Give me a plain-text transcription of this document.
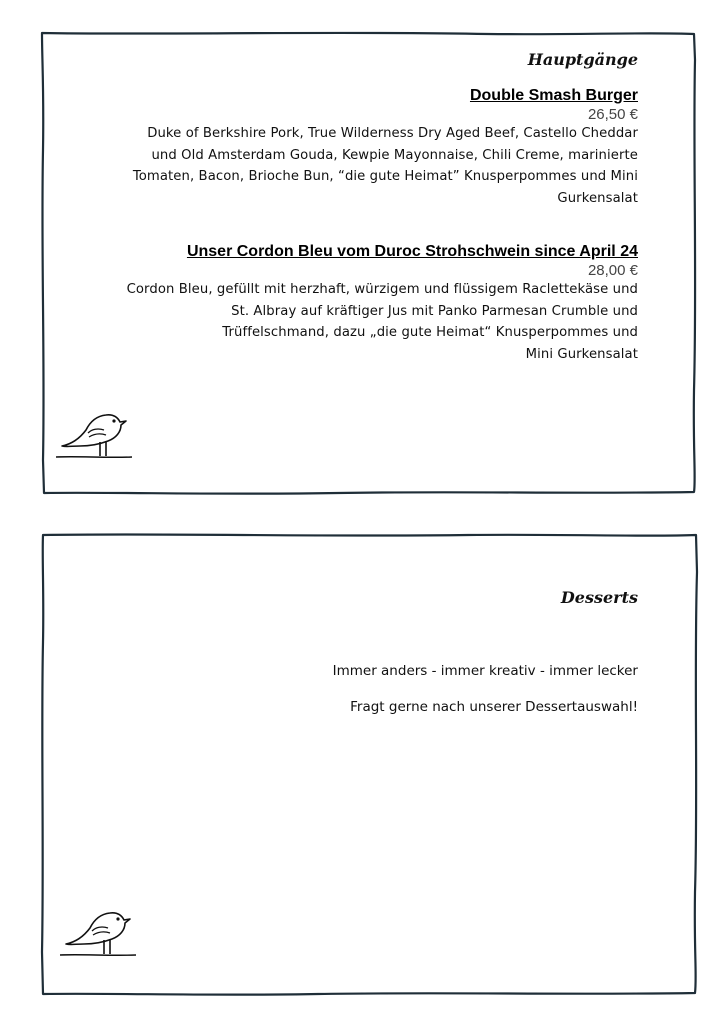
Hauptgänge

Double Smash Burger

26,50 €

Duke of Berkshire Pork, True Wilderness Dry Aged Beef, Castello Cheddar

und Old Amsterdam Gouda, Kewpie Mayonnaise, Chili Creme, marinierte

Tomaten, Bacon, Brioche Bun, “die gute Heimat” Knusperpommes und Mini

Gurkensalat

Unser Cordon Bleu vom Duroc Strohschwein since April 24

28,00 €

Cordon Bleu, gefüllt mit herzhaft, würzigem und flüssigem Raclettekäse und

St. Albray auf kräftiger Jus mit Panko Parmesan Crumble und

Trüffelschmand, dazu „die gute Heimat“ Knusperpommes und

Mini Gurkensalat

Desserts

Immer anders - immer kreativ - immer lecker

Fragt gerne nach unserer Dessertauswahl!
